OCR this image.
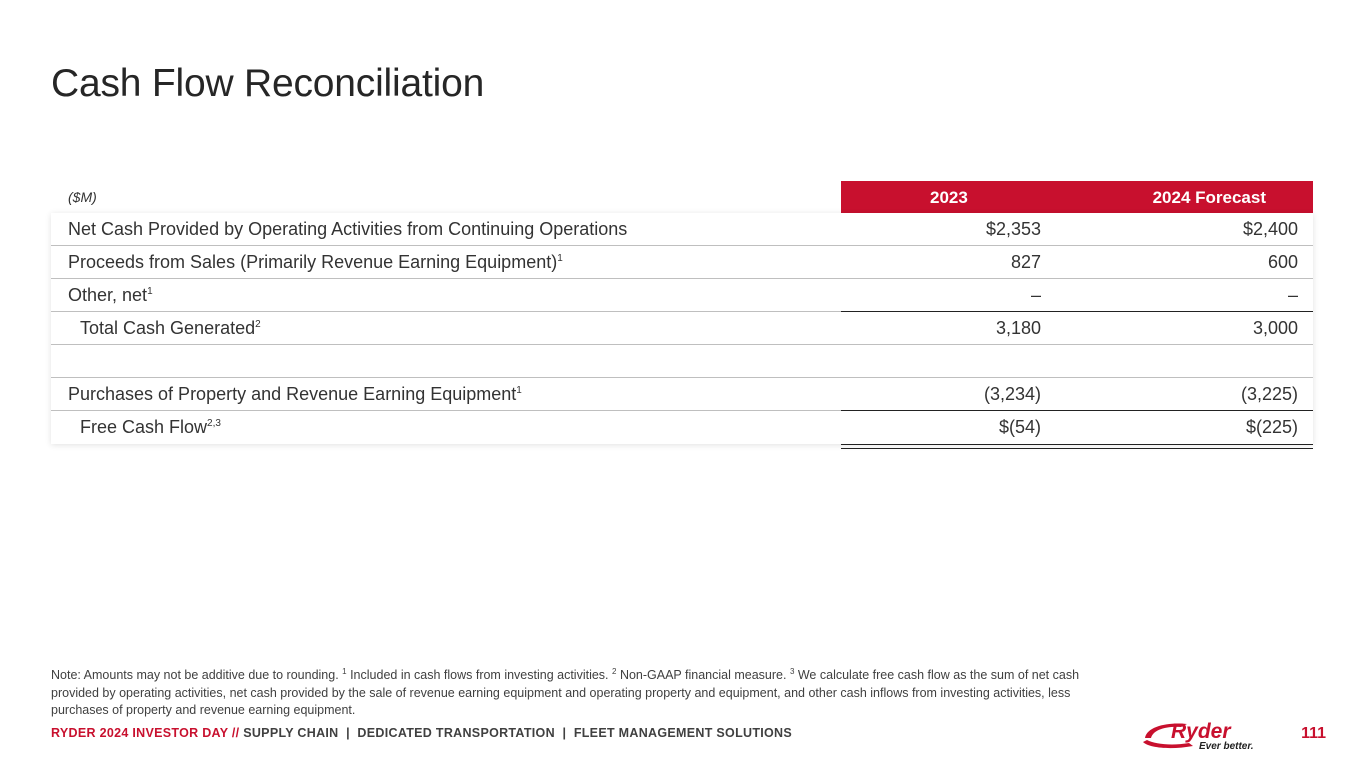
Cash Flow Reconciliation
($M)	2023	2024 Forecast
Net Cash Provided by Operating Activities from Continuing Operations	$2,353	$2,400
Proceeds from Sales (Primarily Revenue Earning Equipment)$^1$	827	600
Other, net$^1$	–	–
Total Cash Generated$^2$	3,180	3,000
Purchases of Property and Revenue Earning Equipment$^1$	(3,234)	(3,225)
Free Cash Flow$^{2,3}$	$(54)	$(225)
Note: Amounts may not be additive due to rounding. $^1$ Included in cash flows from investing activities. $^2$ Non-GAAP financial measure. $^3$ We calculate free cash flow as the sum of net cash provided by operating activities, net cash provided by the sale of revenue earning equipment and operating property and equipment, and other cash inflows from investing activities, less purchases of property and revenue earning equipment.
RYDER 2024 INVESTOR DAY // SUPPLY CHAIN | DEDICATED TRANSPORTATION | FLEET MANAGEMENT SOLUTIONS	Ryder
Ever better.
111
